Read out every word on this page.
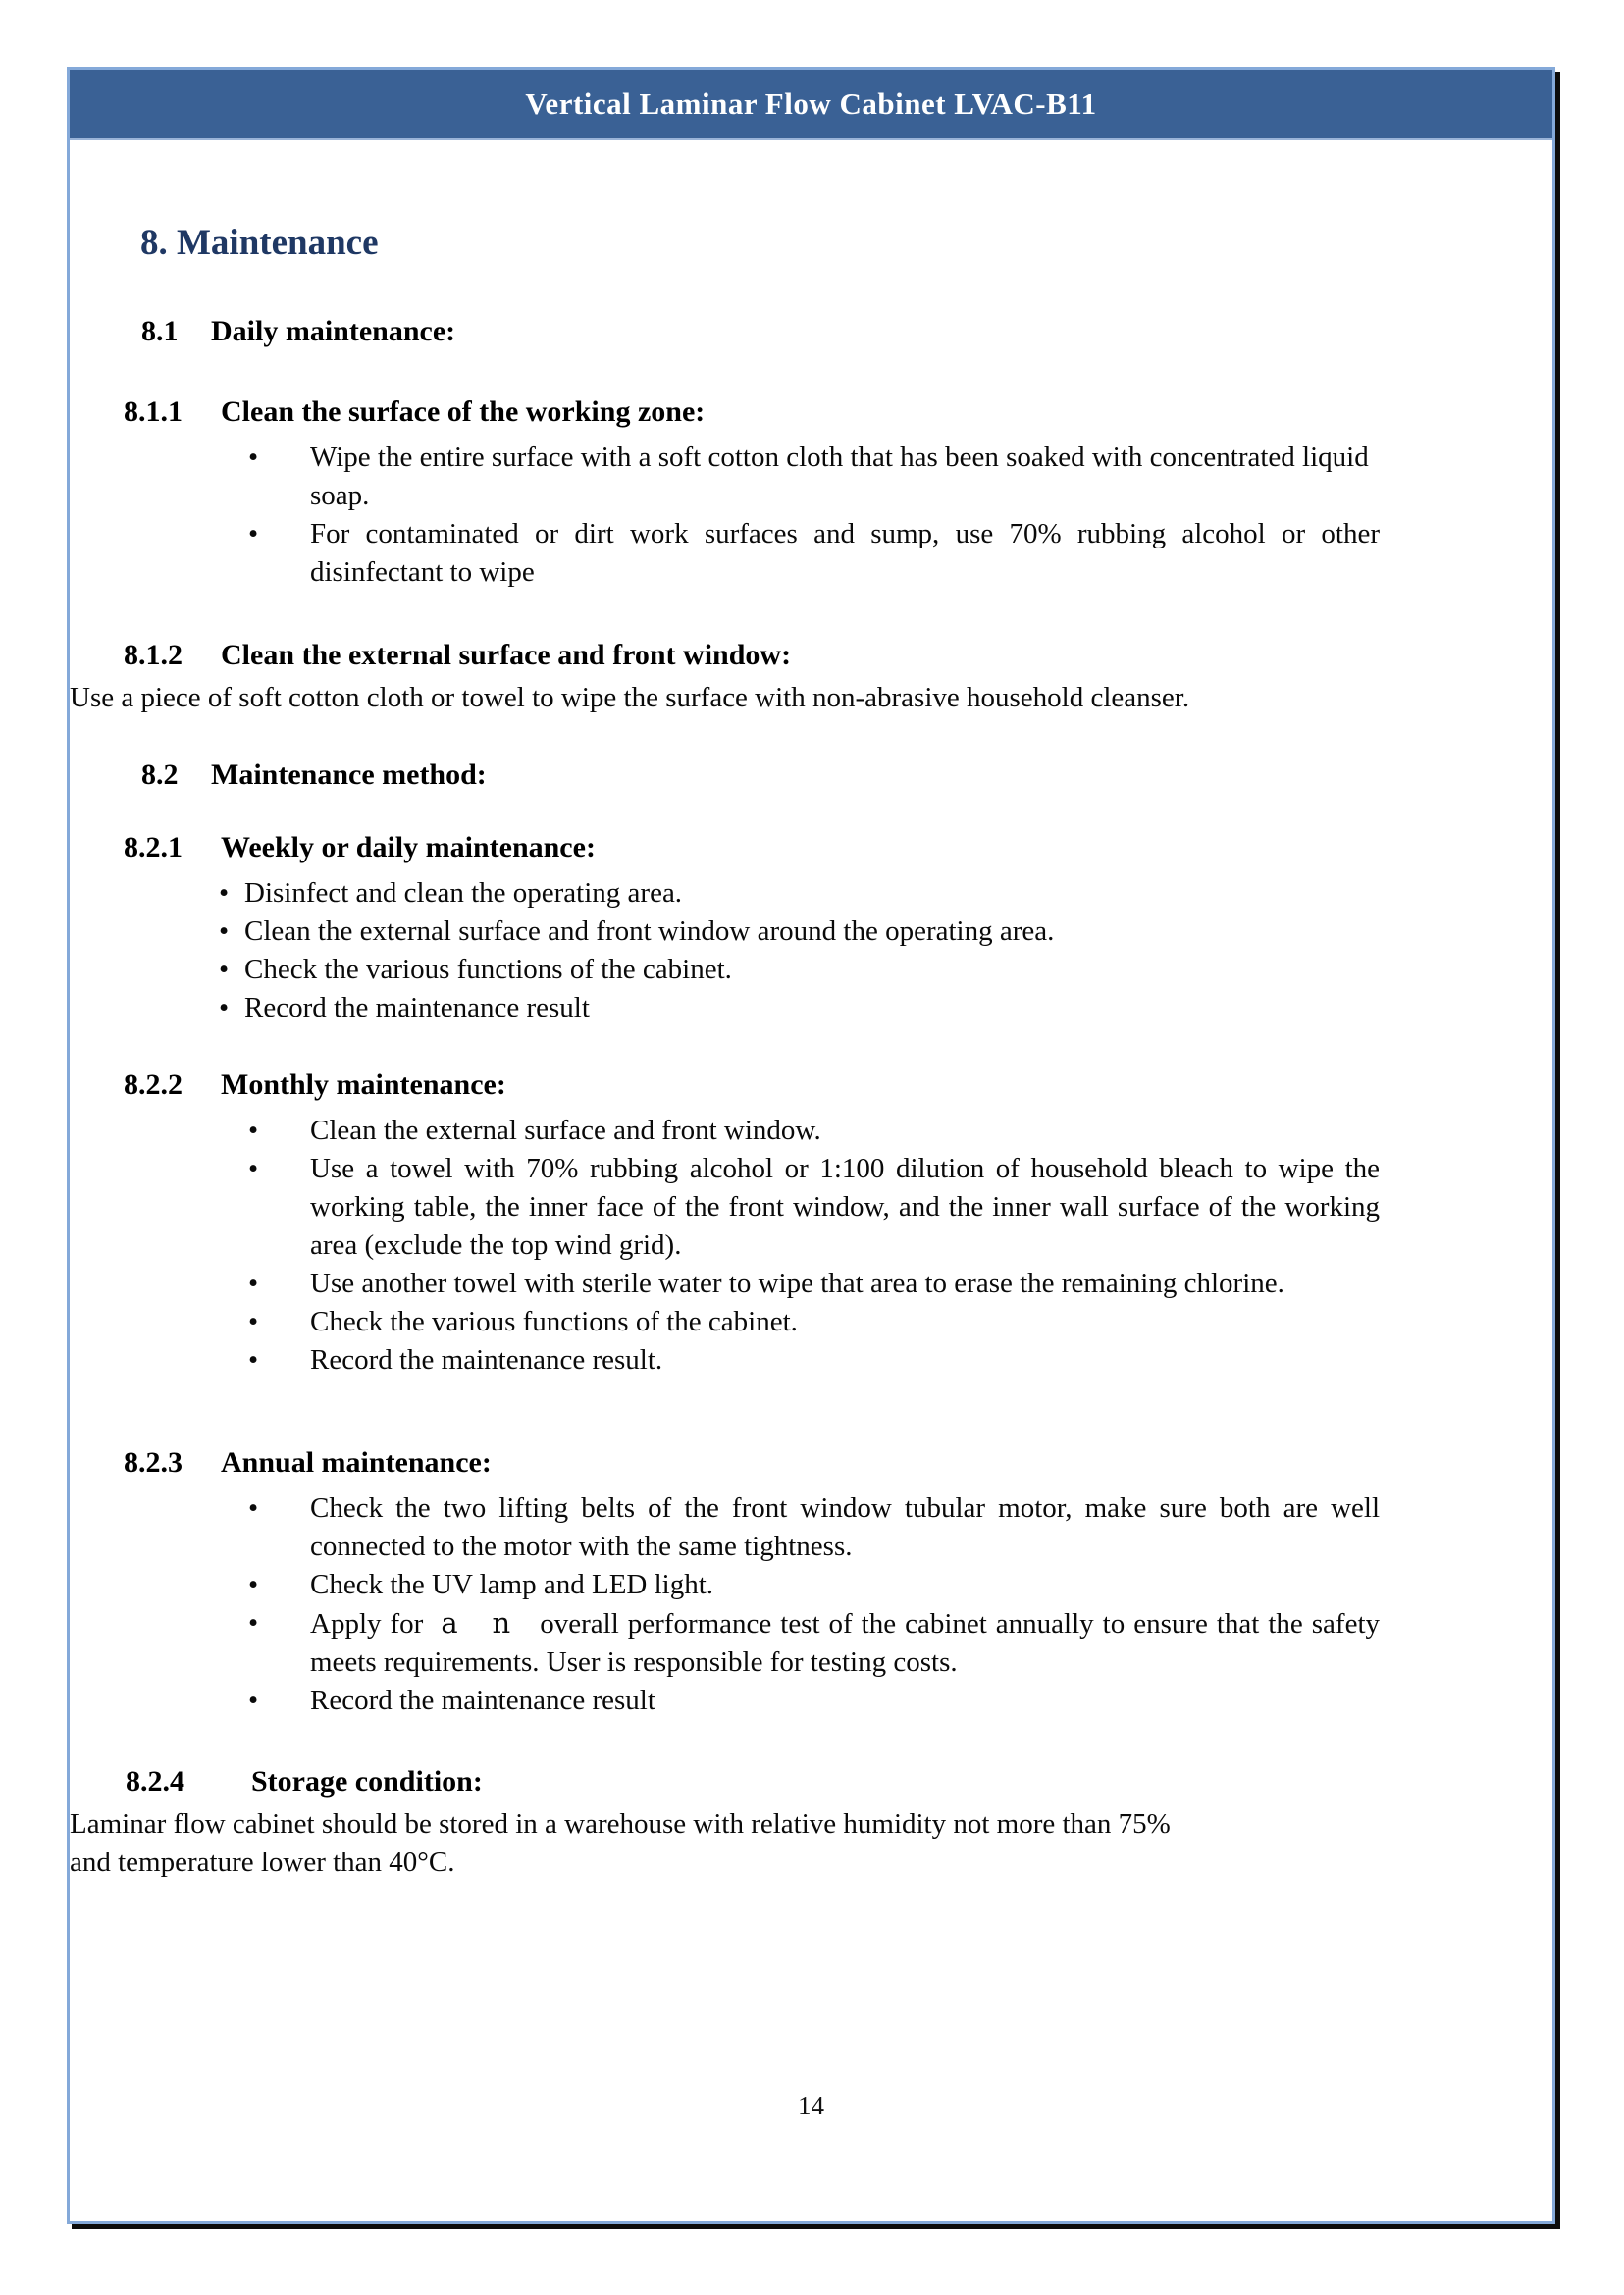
Vertical Laminar Flow Cabinet LVAC-B11
8. Maintenance
8.1	Daily maintenance:
8.1.1	Clean the surface of the working zone:
•	Wipe the entire surface with a soft cotton cloth that has been soaked with concentrated liquid soap.
•	For contaminated or dirt work surfaces and sump, use 70% rubbing alcohol or other disinfectant to wipe
8.1.2	Clean the external surface and front window:

Use a piece of soft cotton cloth or towel to wipe the surface with non-abrasive household cleanser.

8.2	Maintenance method:
8.2.1	Weekly or daily maintenance:
• Disinfect and clean the operating area.
• Clean the external surface and front window around the operating area.
• Check the various functions of the cabinet.
• Record the maintenance result
8.2.2	Monthly maintenance:
•	Clean the external surface and front window.
•	Use a towel with 70% rubbing alcohol or 1:100 dilution of household bleach to wipe the working table, the inner face of the front window, and the inner wall surface of the working area (exclude the top wind grid).
•	Use another towel with sterile water to wipe that area to erase the remaining chlorine.
•	Check the various functions of the cabinet.
•	Record the maintenance result.
8.2.3	Annual maintenance:
•	Check the two lifting belts of the front window tubular motor, make sure both are well connected to the motor with the same tightness.
•	Check the UV lamp and LED light.
•	Apply for a n overall performance test of the cabinet annually to ensure that the safety meets requirements. User is responsible for testing costs.
•	Record the maintenance result
8.2.4	Storage condition:

Laminar flow cabinet should be stored in a warehouse with relative humidity not more than 75% and temperature lower than 40°C.

14
